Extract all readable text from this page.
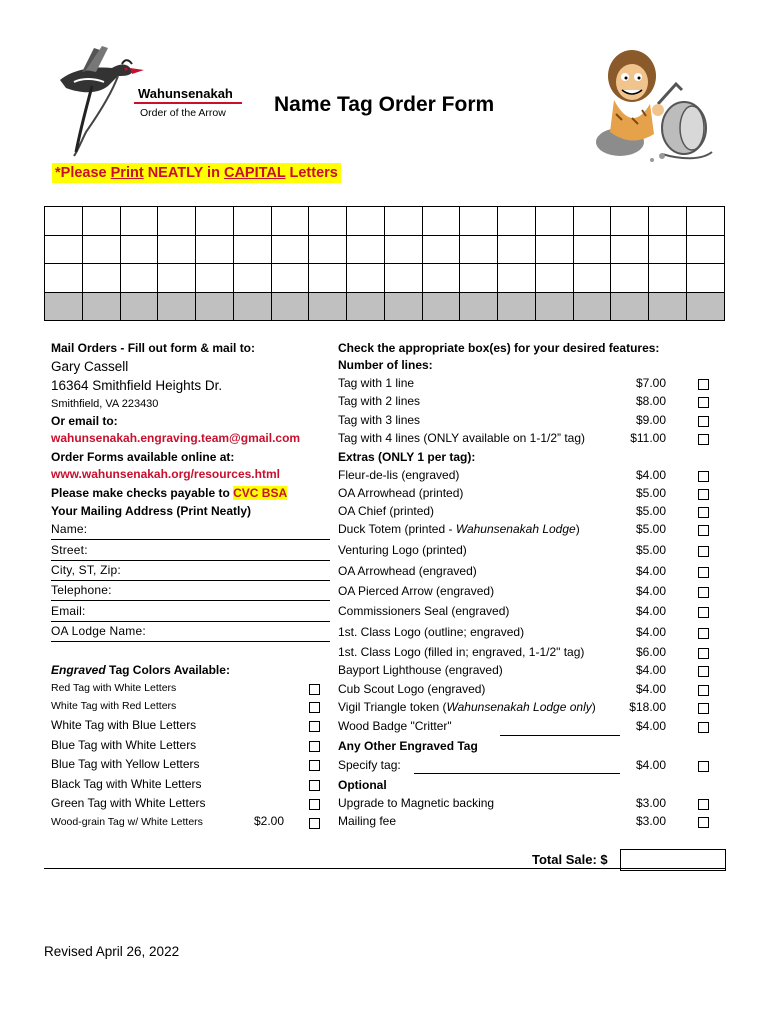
Wahunsenakah
Order of the Arrow Name Tag Order Form
*Please Print NEATLY in CAPITAL Letters

Mail Orders - Fill out form & mail to:
Gary Cassell
16364 Smithfield Heights Dr.
Smithfield, VA 223430
Or email to:
wahunsenakah.engraving.team@gmail.com
Order Forms available online at:
www.wahunsenakah.org/resources.html
Please make checks payable to CVC BSA
Your Mailing Address (Print Neatly)
Name:
Street:
City, ST, Zip:
Telephone:
Email:
OA Lodge Name:
Engraved Tag Colors Available:
Red Tag with White Letters
White Tag with Red Letters
White Tag with Blue Letters
Blue Tag with White Letters
Blue Tag with Yellow Letters
Black Tag with White Letters
Green Tag with White Letters
Wood-grain Tag w/ White Letters	$2.00
Check the appropriate box(es) for your desired features:
Number of lines:
Tag with 1 line	$7.00
Tag with 2 lines	$8.00
Tag with 3 lines	$9.00
Tag with 4 lines (ONLY available on 1-1/2” tag)	$11.00
Extras (ONLY 1 per tag):
Fleur-de-lis (engraved)	$4.00
OA Arrowhead (printed)	$5.00
OA Chief (printed)	$5.00
Duck Totem (printed - Wahunsenakah Lodge)	$5.00
Venturing Logo (printed)	$5.00
OA Arrowhead (engraved)	$4.00
OA Pierced Arrow (engraved)	$4.00
Commissioners Seal (engraved)	$4.00
1st. Class Logo (outline; engraved)	$4.00
1st. Class Logo (filled in; engraved, 1-1/2" tag)	$6.00
Bayport Lighthouse (engraved)	$4.00
Cub Scout Logo (engraved)	$4.00
Vigil Triangle token (Wahunsenakah Lodge only)	$18.00
Wood Badge "Critter"	$4.00
Any Other Engraved Tag
Specify tag:	$4.00
Optional
Upgrade to Magnetic backing	$3.00
Mailing fee	$3.00
Total Sale: $
Revised April 26, 2022
